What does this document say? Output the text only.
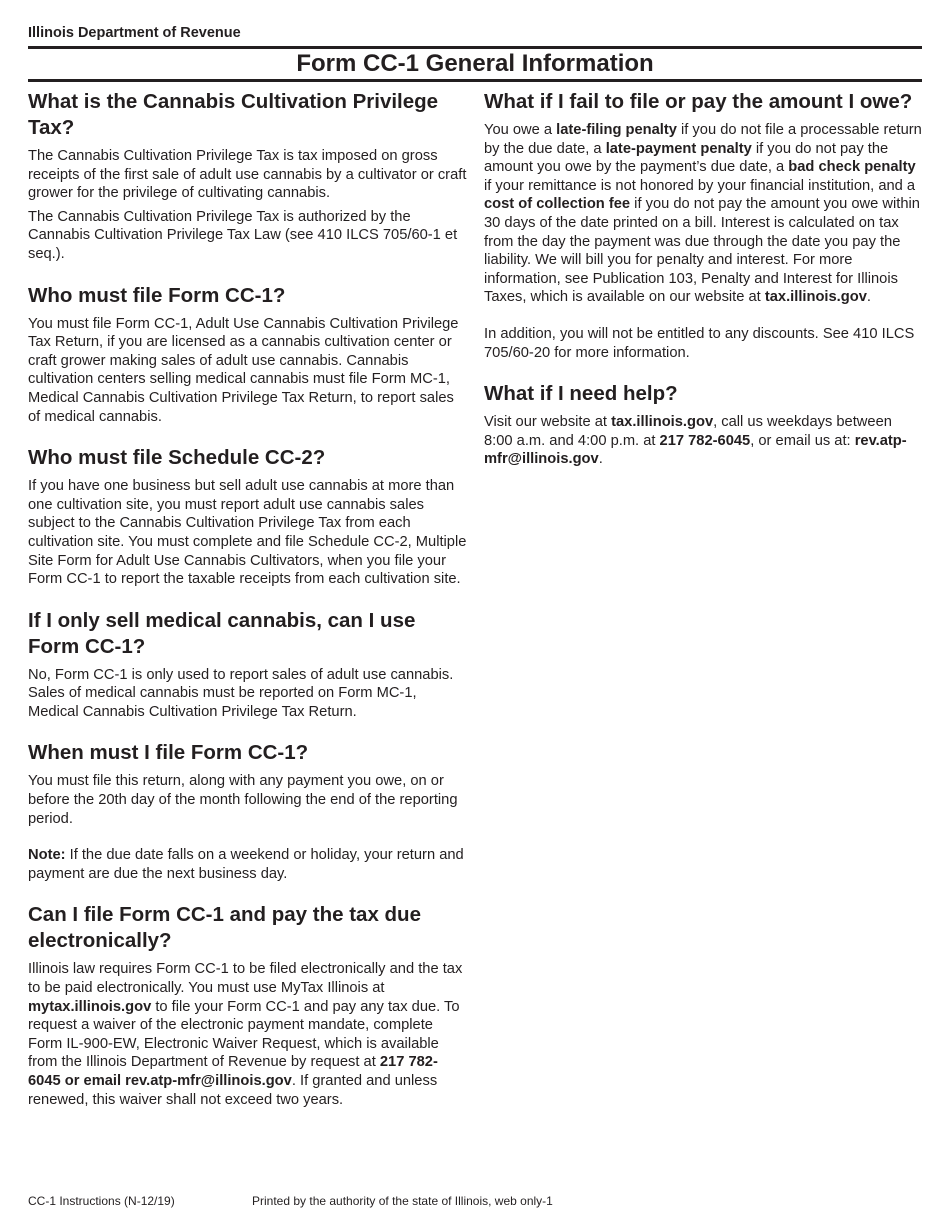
Illinois Department of Revenue
Form CC-1 General Information
What is the Cannabis Cultivation Privilege Tax?

The Cannabis Cultivation Privilege Tax is tax imposed on gross receipts of the first sale of adult use cannabis by a cultivator or craft grower for the privilege of cultivating cannabis.

The Cannabis Cultivation Privilege Tax is authorized by the Cannabis Cultivation Privilege Tax Law (see 410 ILCS 705/60-1 et seq.).

Who must file Form CC-1?

You must file Form CC-1, Adult Use Cannabis Cultivation Privilege Tax Return, if you are licensed as a cannabis cultivation center or craft grower making sales of adult use cannabis. Cannabis cultivation centers selling medical cannabis must file Form MC-1, Medical Cannabis Cultivation Privilege Tax Return, to report sales of medical cannabis.

Who must file Schedule CC-2?

If you have one business but sell adult use cannabis at more than one cultivation site, you must report adult use cannabis sales subject to the Cannabis Cultivation Privilege Tax from each cultivation site. You must complete and file Schedule CC-2, Multiple Site Form for Adult Use Cannabis Cultivators, when you file your Form CC-1 to report the taxable receipts from each cultivation site.

If I only sell medical cannabis, can I use Form CC-1?

No, Form CC-1 is only used to report sales of adult use cannabis. Sales of medical cannabis must be reported on Form MC-1, Medical Cannabis Cultivation Privilege Tax Return.

When must I file Form CC-1?

You must file this return, along with any payment you owe, on or before the 20th day of the month following the end of the reporting period.

Note: If the due date falls on a weekend or holiday, your return and payment are due the next business day.

Can I file Form CC-1 and pay the tax due electronically?

Illinois law requires Form CC-1 to be filed electronically and the tax to be paid electronically. You must use MyTax Illinois at mytax.illinois.gov to file your Form CC-1 and pay any tax due. To request a waiver of the electronic payment mandate, complete Form IL-900-EW, Electronic Waiver Request, which is available from the Illinois Department of Revenue by request at 217 782-6045 or email rev.atp-mfr@illinois.gov. If granted and unless renewed, this waiver shall not exceed two years.

What if I fail to file or pay the amount I owe?

You owe a late-filing penalty if you do not file a processable return by the due date, a late-payment penalty if you do not pay the amount you owe by the payment’s due date, a bad check penalty if your remittance is not honored by your financial institution, and a cost of collection fee if you do not pay the amount you owe within 30 days of the date printed on a bill. Interest is calculated on tax from the day the payment was due through the date you pay the liability. We will bill you for penalty and interest. For more information, see Publication 103, Penalty and Interest for Illinois Taxes, which is available on our website at tax.illinois.gov.

In addition, you will not be entitled to any discounts. See 410 ILCS 705/60-20 for more information.

What if I need help?

Visit our website at tax.illinois.gov, call us weekdays between 8:00 a.m. and 4:00 p.m. at 217 782-6045, or email us at: rev.atp-mfr@illinois.gov.

CC-1 Instructions (N-12/19)	Printed by the authority of the state of Illinois, web only-1
